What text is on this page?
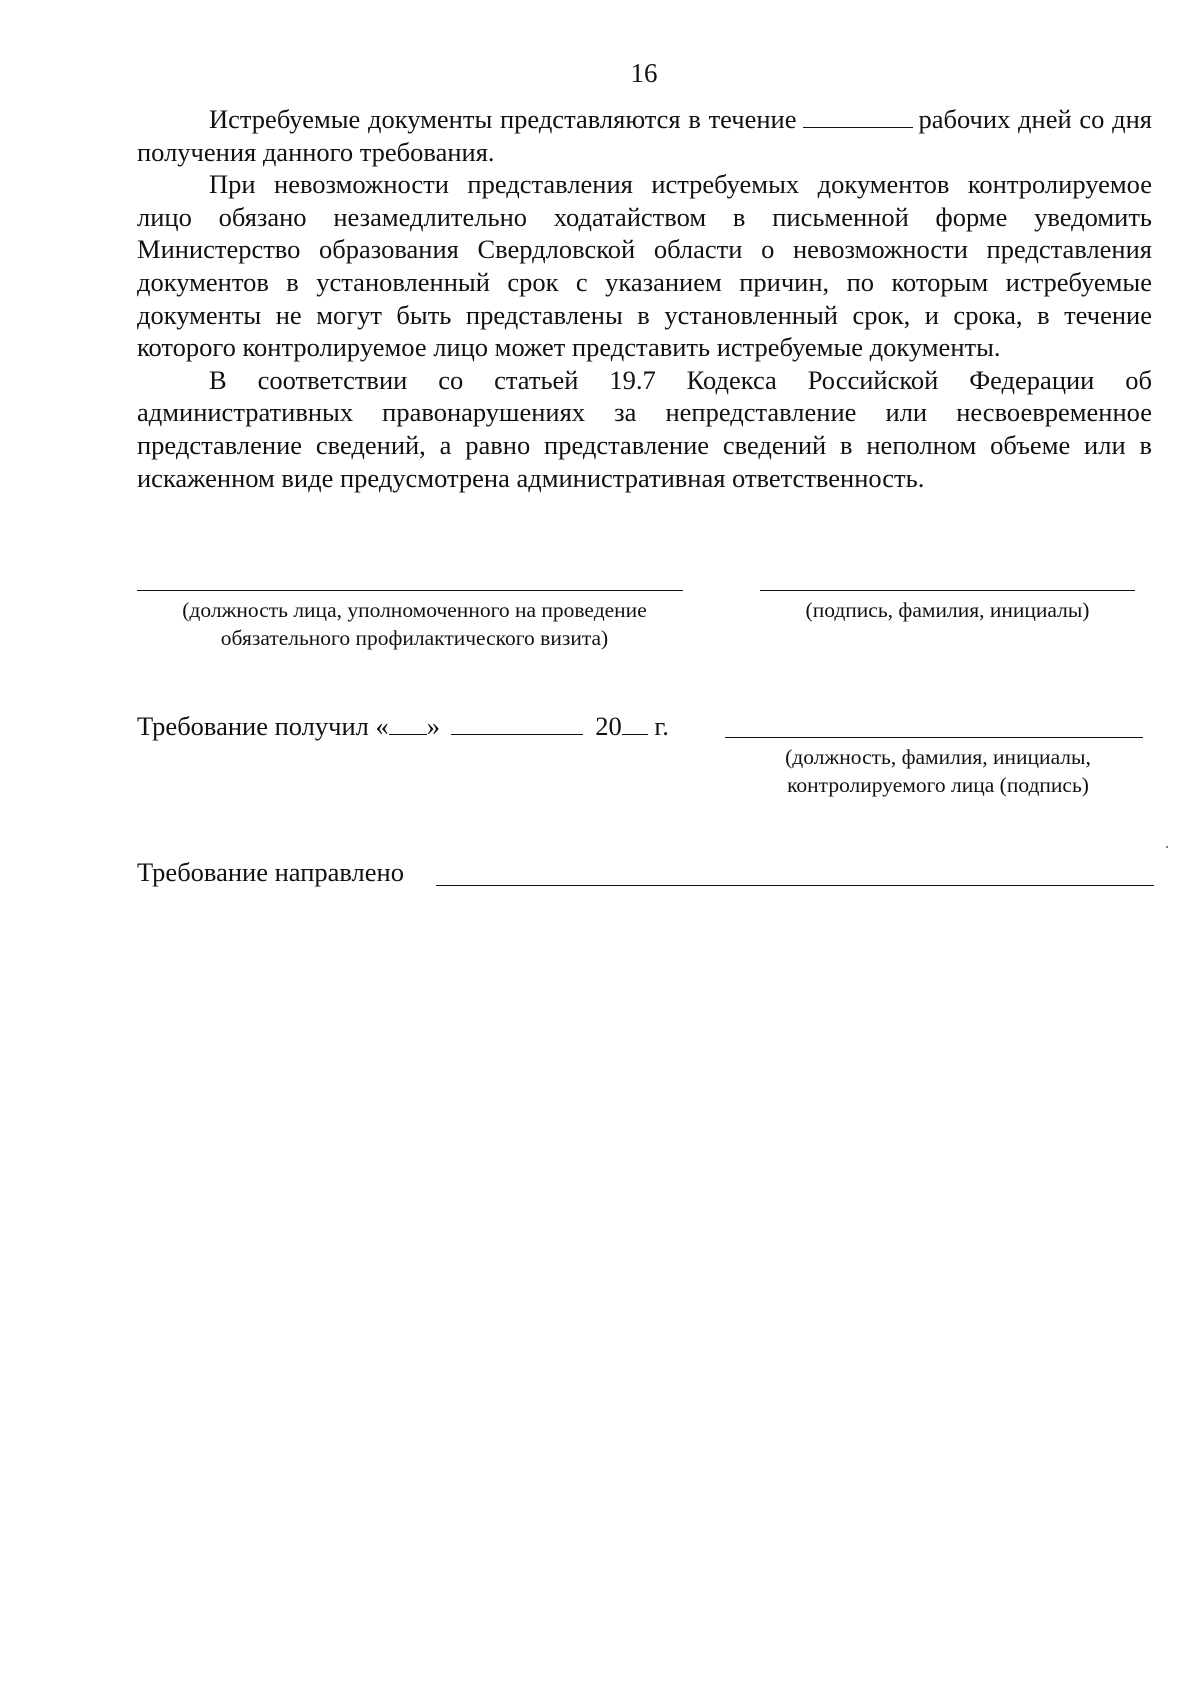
16

Истребуемые документы представляются в течение	рабочих дней со дня получения данного требования.

При невозможности представления истребуемых документов контролируемое лицо обязано незамедлительно ходатайством в письменной форме уведомить Министерство образования Свердловской области о невозможности представления документов в установленный срок с указанием причин, по которым истребуемые документы не могут быть представлены в установленный срок, и срока, в течение которого контролируемое лицо может представить истребуемые документы.

В соответствии со статьей 19.7 Кодекса Российской Федерации об административных правонарушениях за непредставление или несвоевременное представление сведений, а равно представление сведений в неполном объеме или в искаженном виде предусмотрена административная ответственность.

(должность лица, уполномоченного на проведение
обязательного профилактического визита)
(подпись, фамилия, инициалы)
Требование получил « »	20 г.
(должность, фамилия, инициалы,
контролируемого лица (подпись)
Требование направлено
